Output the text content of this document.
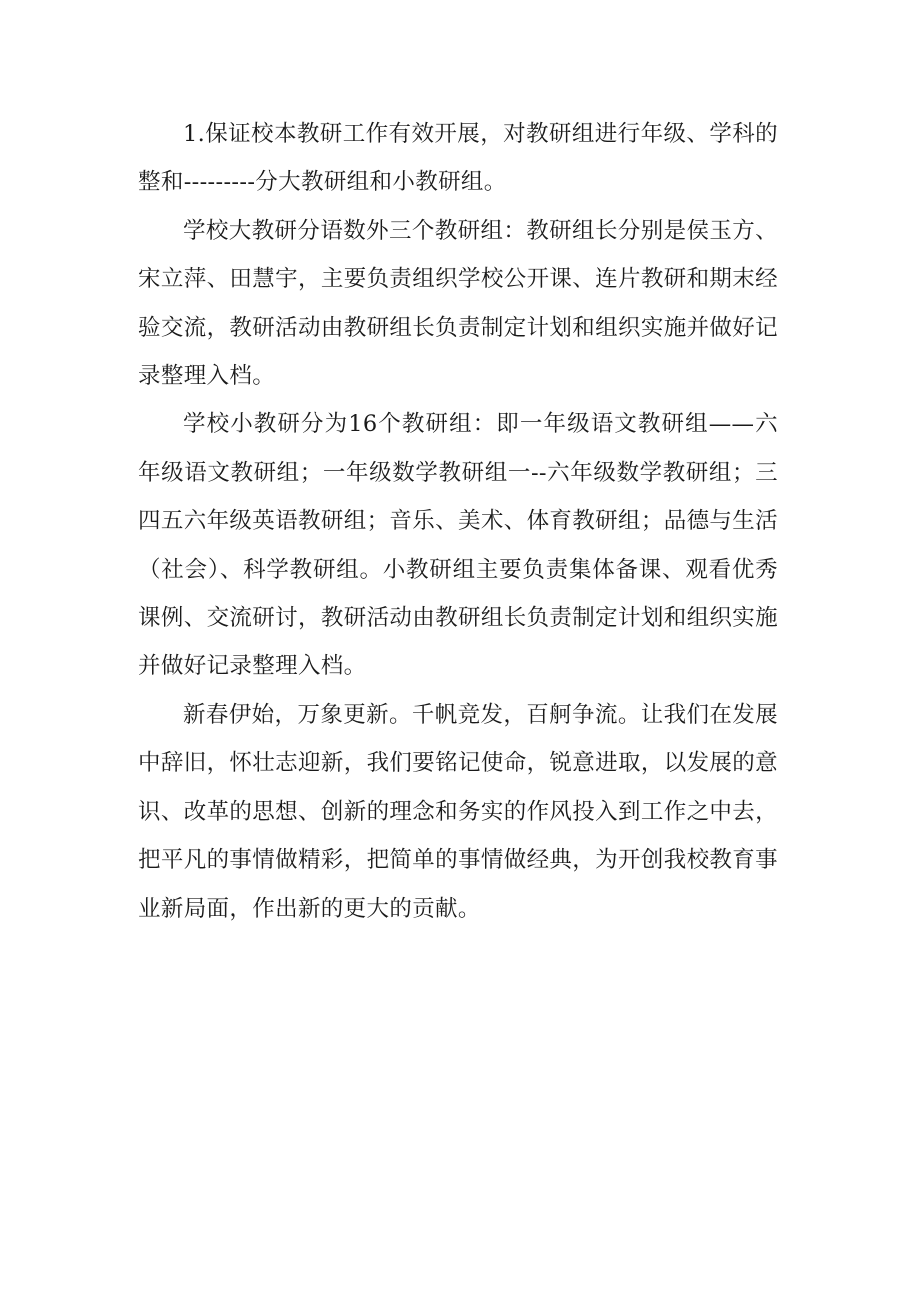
1.保证校本教研工作有效开展，对教研组进行年级、学科的整和---------分大教研组和小教研组。

学校大教研分语数外三个教研组：教研组长分别是侯玉方、宋立萍、田慧宇，主要负责组织学校公开课、连片教研和期末经验交流，教研活动由教研组长负责制定计划和组织实施并做好记录整理入档。

学校小教研分为16个教研组：即一年级语文教研组——六年级语文教研组；一年级数学教研组一--六年级数学教研组；三四五六年级英语教研组；音乐、美术、体育教研组；品德与生活（社会）、科学教研组。小教研组主要负责集体备课、观看优秀课例、交流研讨，教研活动由教研组长负责制定计划和组织实施并做好记录整理入档。

新春伊始，万象更新。千帆竞发，百舸争流。让我们在发展中辞旧，怀壮志迎新，我们要铭记使命，锐意进取，以发展的意识、改革的思想、创新的理念和务实的作风投入到工作之中去，把平凡的事情做精彩，把简单的事情做经典，为开创我校教育事业新局面，作出新的更大的贡献。
